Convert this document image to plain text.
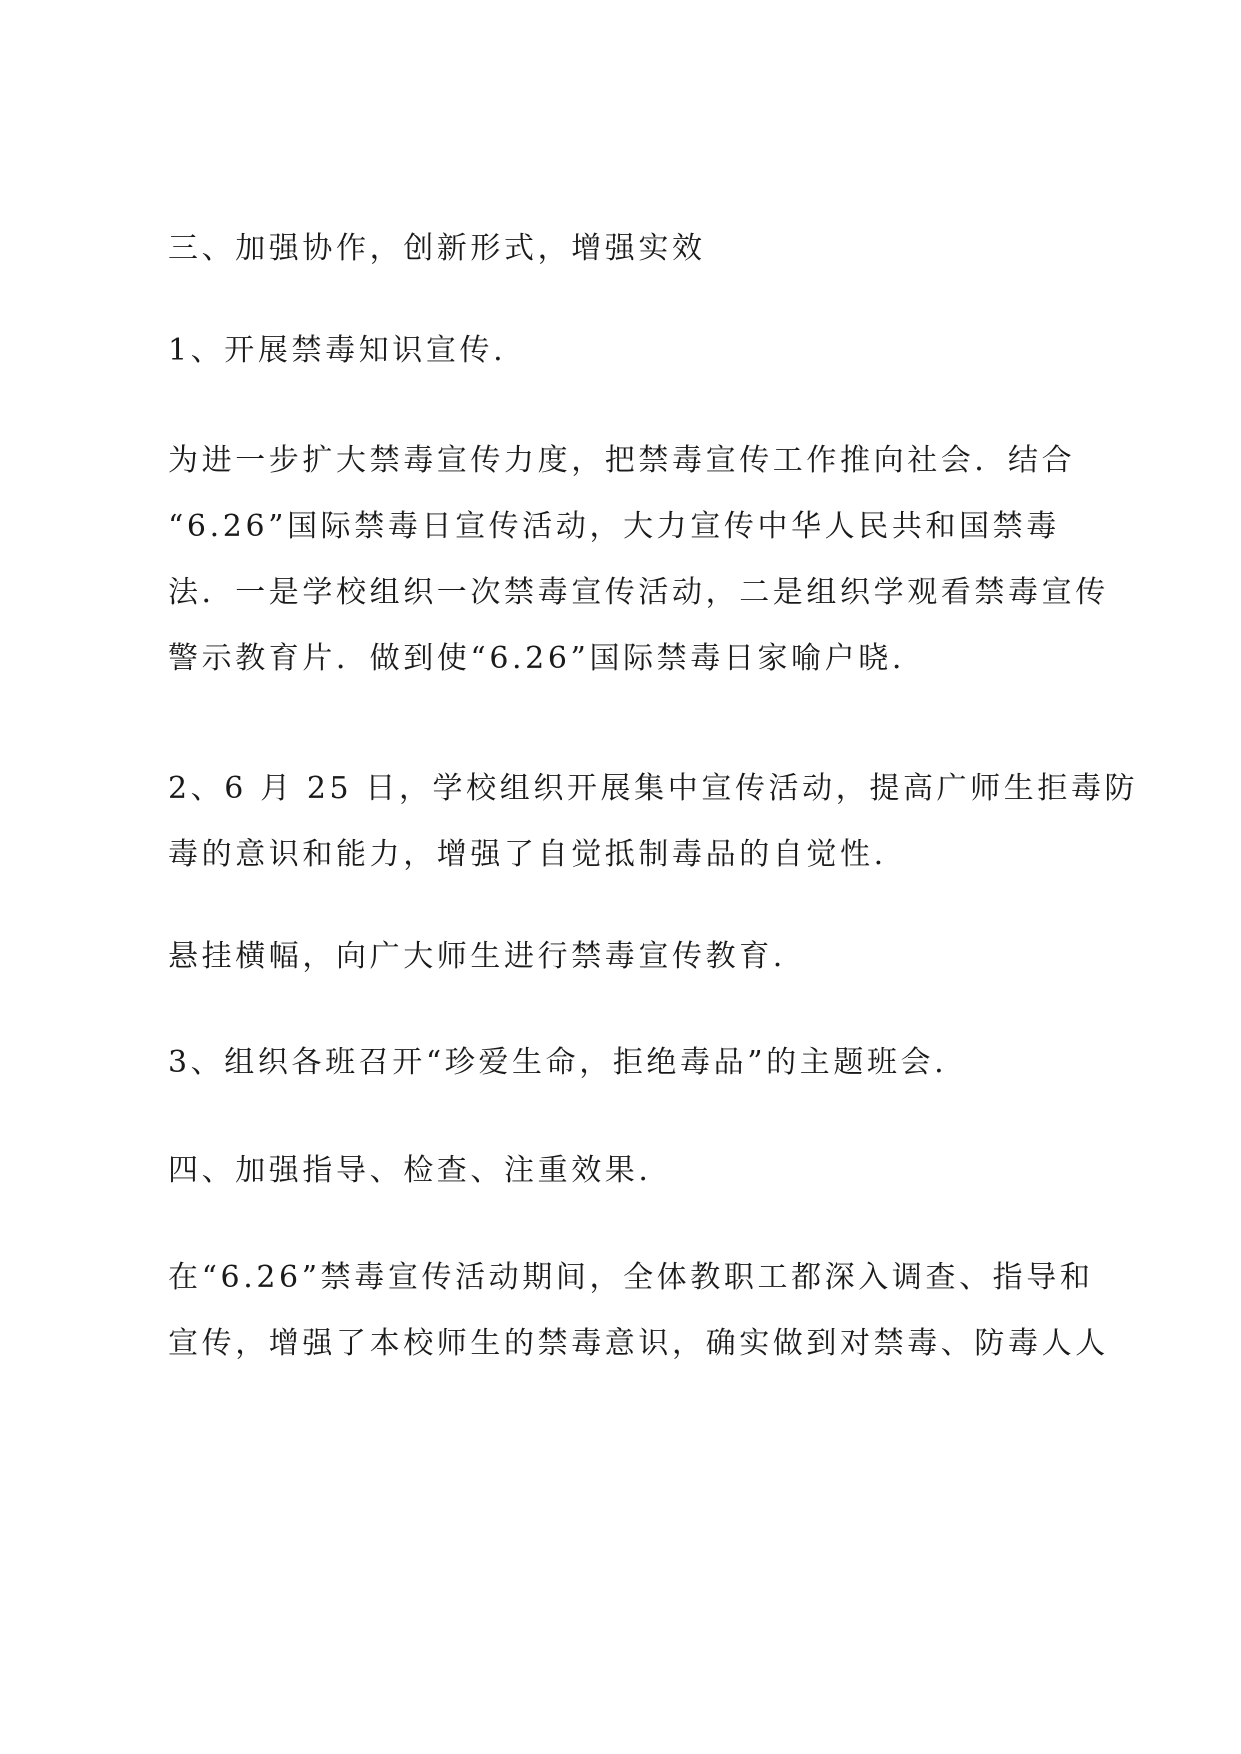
三、加强协作，创新形式，增强实效

1、开展禁毒知识宣传.

为进一步扩大禁毒宣传力度，把禁毒宣传工作推向社会．结合
“6.26”国际禁毒日宣传活动，大力宣传中华人民共和国禁毒
法．一是学校组织一次禁毒宣传活动，二是组织学观看禁毒宣传
警示教育片．做到使“6.26”国际禁毒日家喻户晓.

2、6 月 25 日，学校组织开展集中宣传活动，提高广师生拒毒防
毒的意识和能力，增强了自觉抵制毒品的自觉性.

悬挂横幅，向广大师生进行禁毒宣传教育.

3、组织各班召开“珍爱生命，拒绝毒品”的主题班会.

四、加强指导、检查、注重效果.

在“6.26”禁毒宣传活动期间，全体教职工都深入调查、指导和
宣传，增强了本校师生的禁毒意识，确实做到对禁毒、防毒人人
